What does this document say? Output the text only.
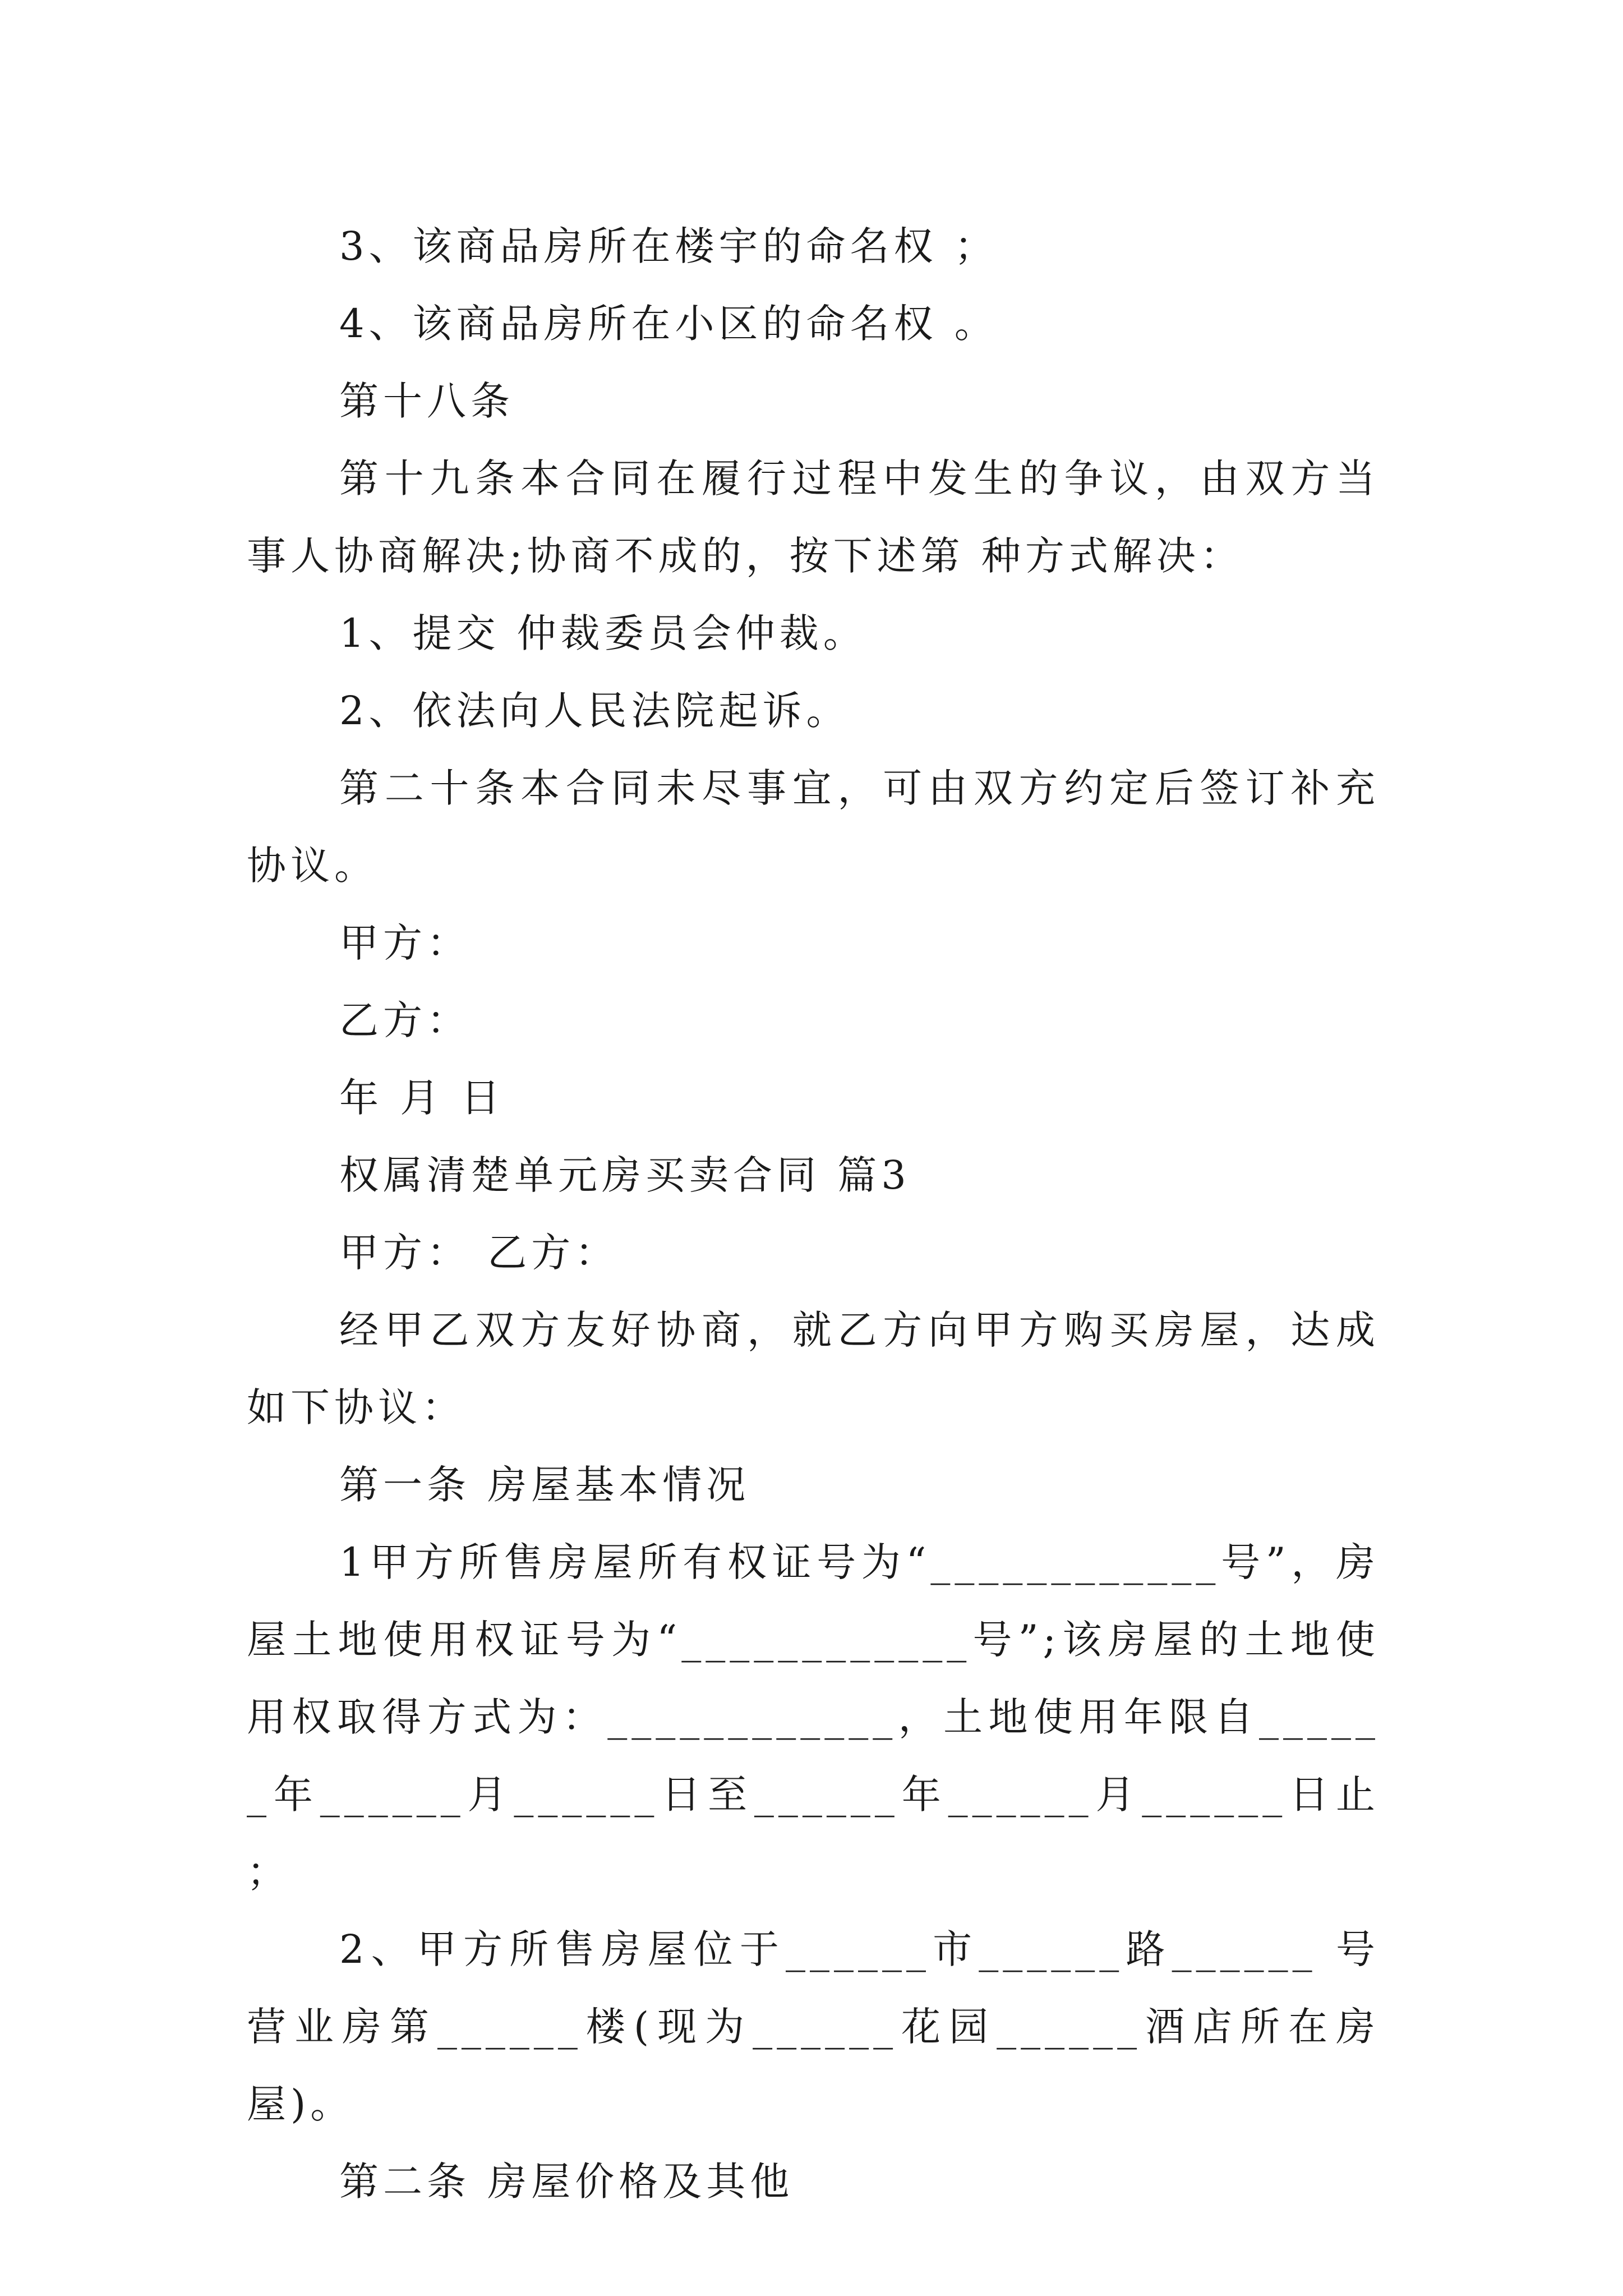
3、该商品房所在楼宇的命名权 ；

4、该商品房所在小区的命名权 。

第十八条

第十九条本合同在履行过程中发生的争议，由双方当事人协商解决;协商不成的，按下述第 种方式解决：

1、提交 仲裁委员会仲裁。

2、依法向人民法院起诉。

第二十条本合同未尽事宜，可由双方约定后签订补充协议。

甲方：

乙方：

年 月 日

权属清楚单元房买卖合同 篇3

甲方： 乙方：

经甲乙双方友好协商，就乙方向甲方购买房屋，达成如下协议：

第一条 房屋基本情况

1甲方所售房屋所有权证号为“____________号”，房屋土地使用权证号为“____________号”;该房屋的土地使用权取得方式为：____________，土地使用年限自______年______月______日至______年______月______日止 ；

2、甲方所售房屋位于______市______路______ 号营业房第______楼(现为______花园______酒店所在房屋)。

第二条 房屋价格及其他
